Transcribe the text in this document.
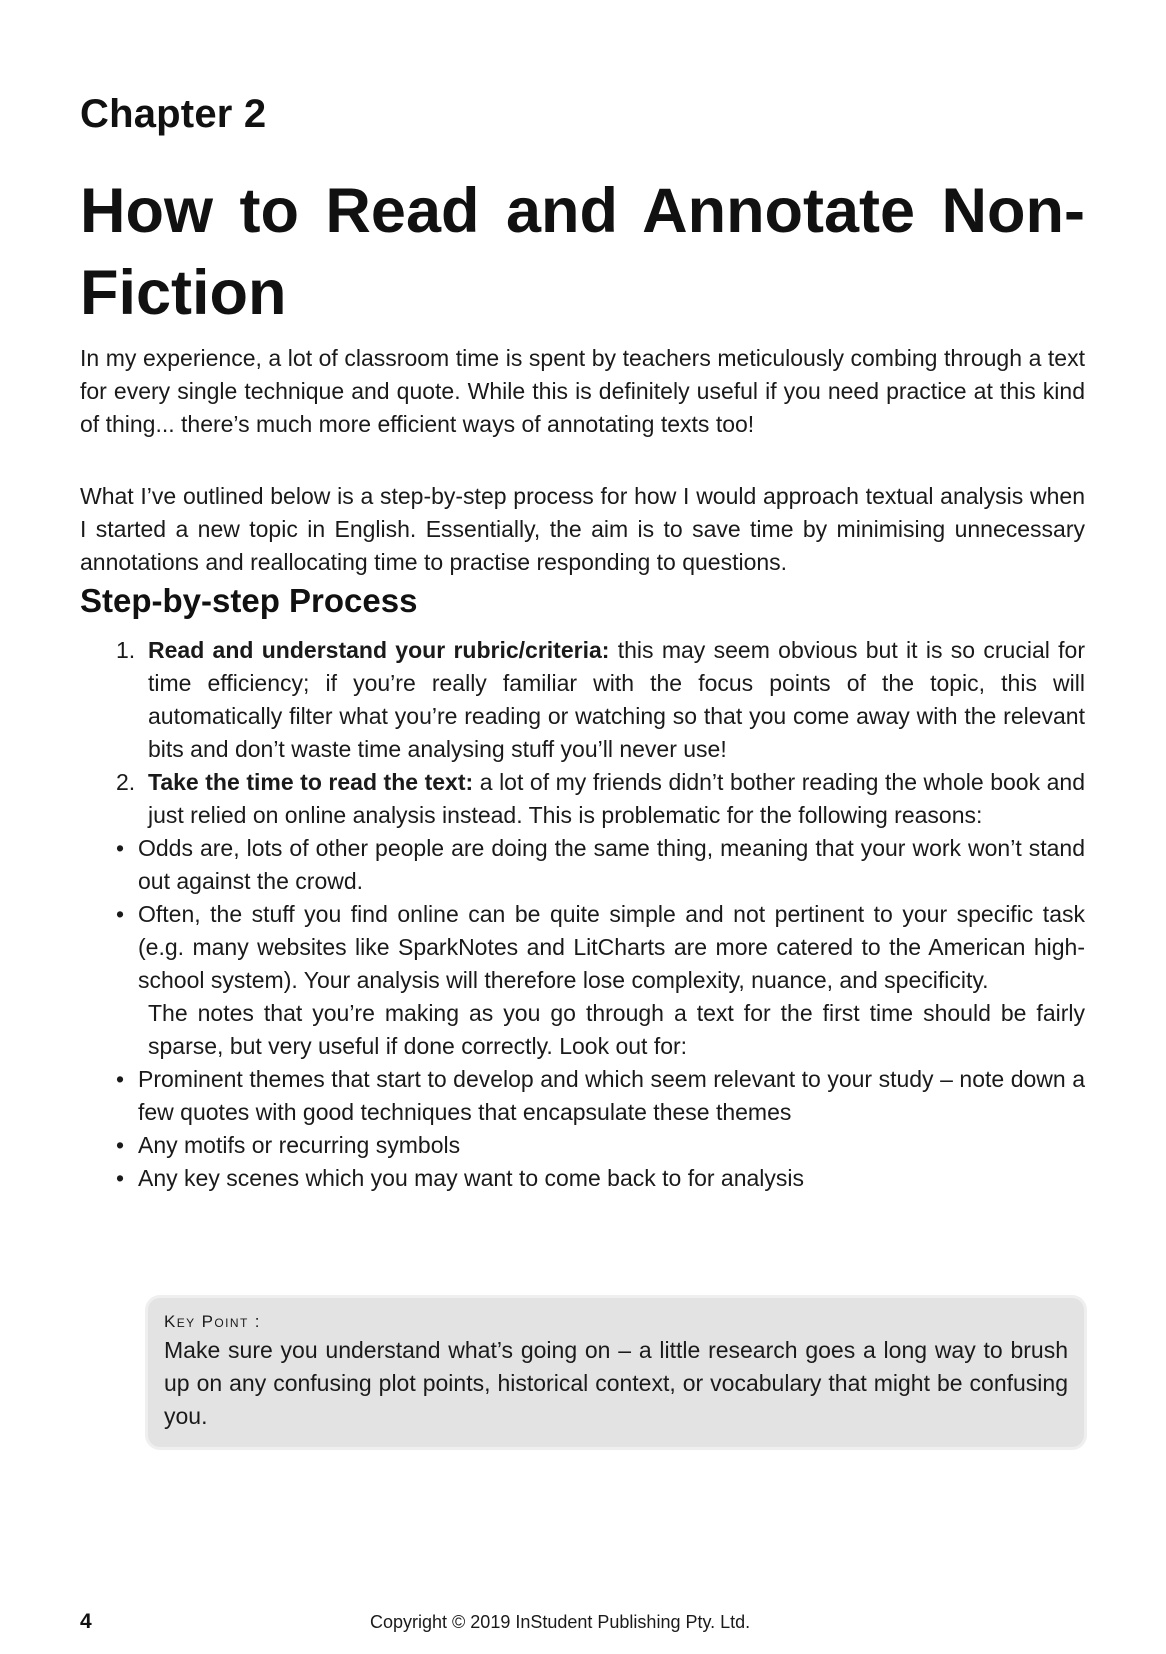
Chapter 2
How to Read and Annotate Non-
Fiction

In my experience, a lot of classroom time is spent by teachers meticulously combing through a text for every single technique and quote. While this is definitely useful if you need practice at this kind of thing... there’s much more efficient ways of annotating texts too!

What I’ve outlined below is a step-by-step process for how I would approach textual analysis when I started a new topic in English. Essentially, the aim is to save time by minimising unnecessary annotations and reallocating time to practise responding to questions.

Step-by-step Process
1. Read and understand your rubric/criteria: this may seem obvious but it is so crucial for time efficiency; if you’re really familiar with the focus points of the topic, this will automatically filter what you’re reading or watching so that you come away with the relevant bits and don’t waste time analysing stuff you’ll never use!
2. Take the time to read the text: a lot of my friends didn’t bother reading the whole book and just relied on online analysis instead. This is problematic for the following reasons:
• Odds are, lots of other people are doing the same thing, meaning that your work won’t stand out against the crowd.
• Often, the stuff you find online can be quite simple and not pertinent to your specific task (e.g. many websites like SparkNotes and LitCharts are more catered to the American high-school system). Your analysis will therefore lose complexity, nuance, and specificity.
The notes that you’re making as you go through a text for the first time should be fairly sparse, but very useful if done correctly. Look out for:
• Prominent themes that start to develop and which seem relevant to your study – note down a few quotes with good techniques that encapsulate these themes
• Any motifs or recurring symbols
• Any key scenes which you may want to come back to for analysis
Key Point :
Make sure you understand what’s going on – a little research goes a long way to brush up on any confusing plot points, historical context, or vocabulary that might be confusing you.
4	Copyright © 2019 InStudent Publishing Pty. Ltd.
